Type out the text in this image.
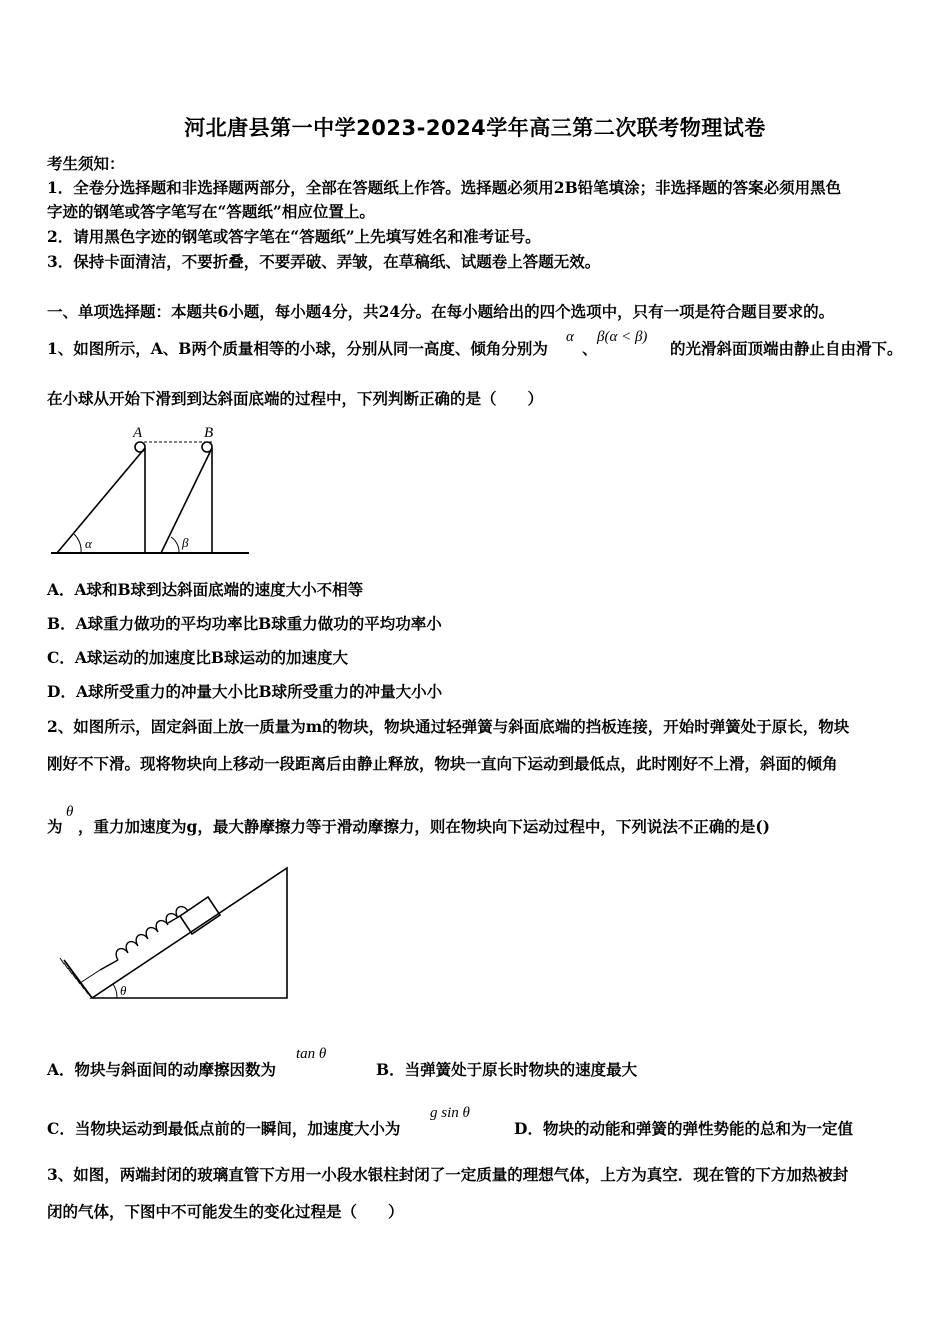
河北唐县第一中学2023-2024学年高三第二次联考物理试卷
考生须知：
1．全卷分选择题和非选择题两部分，全部在答题纸上作答。选择题必须用2B铅笔填涂；非选择题的答案必须用黑色
字迹的钢笔或答字笔写在“答题纸”相应位置上。
2．请用黑色字迹的钢笔或答字笔在“答题纸”上先填写姓名和准考证号。
3．保持卡面清洁，不要折叠，不要弄破、弄皱，在草稿纸、试题卷上答题无效。
一、单项选择题：本题共6小题，每小题4分，共24分。在每小题给出的四个选项中，只有一项是符合题目要求的。
1、如图所示，A、B两个质量相等的小球，分别从同一高度、倾角分别为
α
、
β(α < β)
的光滑斜面顶端由静止自由滑下。
在小球从开始下滑到到达斜面底端的过程中，下列判断正确的是（　　）
A	B
α	β
A．A球和B球到达斜面底端的速度大小不相等
B．A球重力做功的平均功率比B球重力做功的平均功率小
C．A球运动的加速度比B球运动的加速度大
D．A球所受重力的冲量大小比B球所受重力的冲量大小小
2、如图所示，固定斜面上放一质量为m的物块，物块通过轻弹簧与斜面底端的挡板连接，开始时弹簧处于原长，物块
刚好不下滑。现将物块向上移动一段距离后由静止释放，物块一直向下运动到最低点，此时刚好不上滑，斜面的倾角
为
θ
，重力加速度为g，最大静摩擦力等于滑动摩擦力，则在物块向下运动过程中，下列说法不正确的是()
θ
A．物块与斜面间的动摩擦因数为
tan θ
B．当弹簧处于原长时物块的速度最大
C．当物块运动到最低点前的一瞬间，加速度大小为
g sin θ
D．物块的动能和弹簧的弹性势能的总和为一定值
3、如图，两端封闭的玻璃直管下方用一小段水银柱封闭了一定质量的理想气体，上方为真空．现在管的下方加热被封
闭的气体，下图中不可能发生的变化过程是（　　）
